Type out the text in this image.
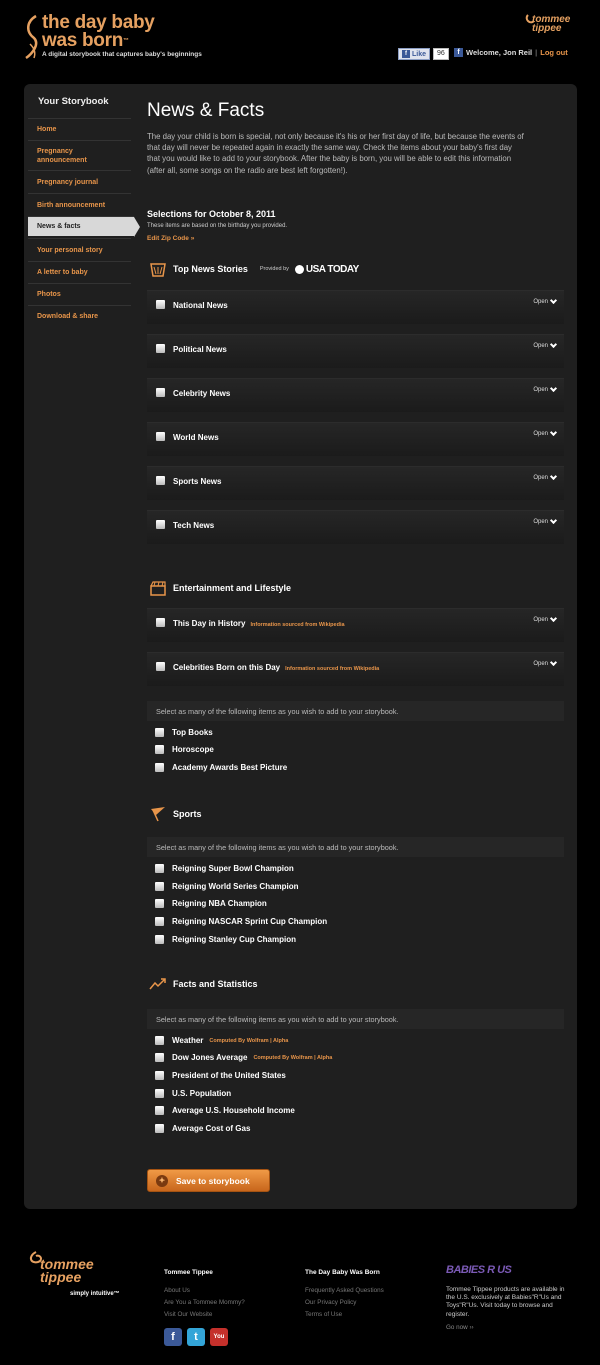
the day baby
was born™
A digital storybook that captures baby's beginnings
tommee
tippee
f Like	96	f Welcome, Jon Reil | Log out
Your Storybook
Home
Pregnancy announcement
Pregnancy journal
Birth announcement
News & facts
Your personal story
A letter to baby
Photos
Download & share
News & Facts
The day your child is born is special, not only because it's his or her first day of life, but because the events of that day will never be repeated again in exactly the same way. Check the items about your baby's first day that you would like to add to your storybook. After the baby is born, you will be able to edit this information (after all, some songs on the radio are best left forgotten!).
Selections for October 8, 2011
These items are based on the birthday you provided.
Edit Zip Code »
Top News Stories Provided by USA TODAY
National News	Open
Political News	Open
Celebrity News	Open
World News	Open
Sports News	Open
Tech News	Open
Entertainment and Lifestyle
This Day in History Information sourced from Wikipedia
Open
Celebrities Born on this Day Information sourced from Wikipedia
Open
Select as many of the following items as you wish to add to your storybook.
Top Books
Horoscope
Academy Awards Best Picture
Sports
Select as many of the following items as you wish to add to your storybook.
Reigning Super Bowl Champion
Reigning World Series Champion
Reigning NBA Champion
Reigning NASCAR Sprint Cup Champion
Reigning Stanley Cup Champion
Facts and Statistics
Select as many of the following items as you wish to add to your storybook.
Weather Computed By Wolfram | Alpha
Dow Jones Average Computed By Wolfram | Alpha
President of the United States
U.S. Population
Average U.S. Household Income
Average Cost of Gas
✦	Save to storybook
tommee
tippee
simply intuitive™
Tommee Tippee
About Us
Are You a Tommee Mommy?
Visit Our Website
The Day Baby Was Born
Frequently Asked Questions
Our Privacy Policy
Terms of Use
f	t	You
BABIES R US
Tommee Tippee products are available in the U.S. exclusively at Babies"R"Us and Toys"R"Us. Visit today to browse and register.
Go now ››
